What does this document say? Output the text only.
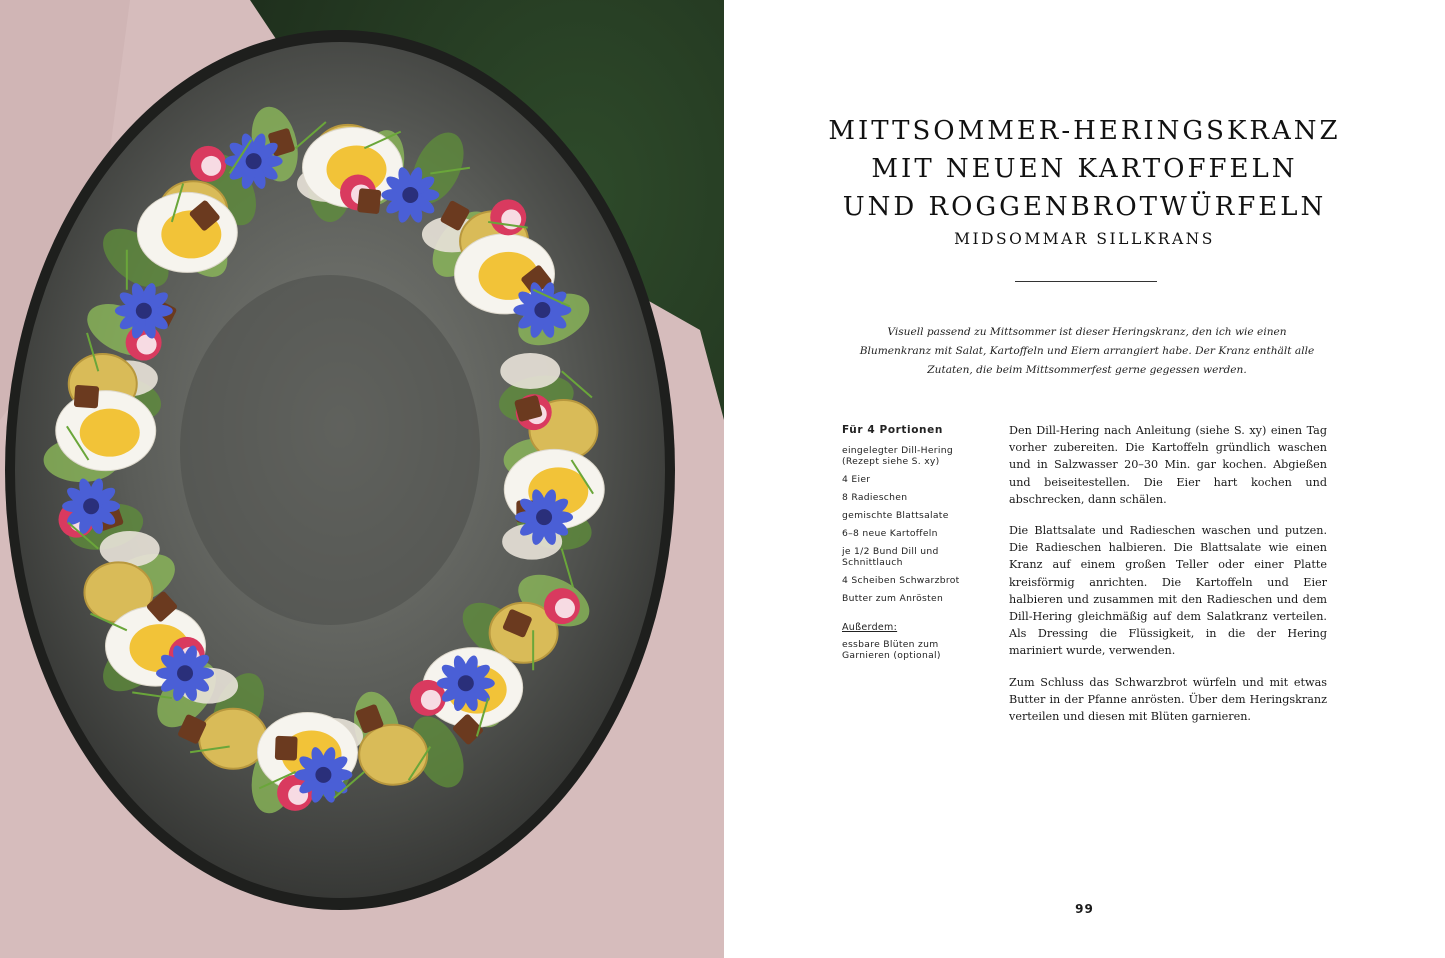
MITTSOMMER-HERINGSKRANZ
MIT NEUEN KARTOFFELN
UND ROGGENBROTWÜRFELN
MIDSOMMAR SILLKRANS

Visuell passend zu Mittsommer ist dieser Heringskranz, den ich wie einen Blumenkranz mit Salat, Kartoffeln und Eiern arrangiert habe. Der Kranz enthält alle Zutaten, die beim Mittsommerfest gerne gegessen werden.

Für 4 Portionen
eingelegter Dill-Hering (Rezept siehe S. xy)
4 Eier
8 Radieschen
gemischte Blattsalate
6–8 neue Kartoffeln
je 1/2 Bund Dill und Schnittlauch
4 Scheiben Schwarzbrot
Butter zum Anrösten
Außerdem:
essbare Blüten zum Garnieren (optional)

Den Dill-Hering nach Anleitung (siehe S. xy) einen Tag vorher zubereiten. Die Kartoffeln gründlich waschen und in Salzwasser 20–30 Min. gar kochen. Abgießen und beiseitestellen. Die Eier hart kochen und abschrecken, dann schälen.

Die Blattsalate und Radieschen waschen und putzen. Die Radieschen halbieren. Die Blattsalate wie einen Kranz auf einem großen Teller oder einer Platte kreisförmig anrichten. Die Kartoffeln und Eier halbieren und zusammen mit den Radieschen und dem Dill-Hering gleichmäßig auf dem Salatkranz verteilen. Als Dressing die Flüssigkeit, in die der Hering mariniert wurde, verwenden.

Zum Schluss das Schwarzbrot würfeln und mit etwas Butter in der Pfanne anrösten. Über dem Heringskranz verteilen und diesen mit Blüten garnieren.

99
